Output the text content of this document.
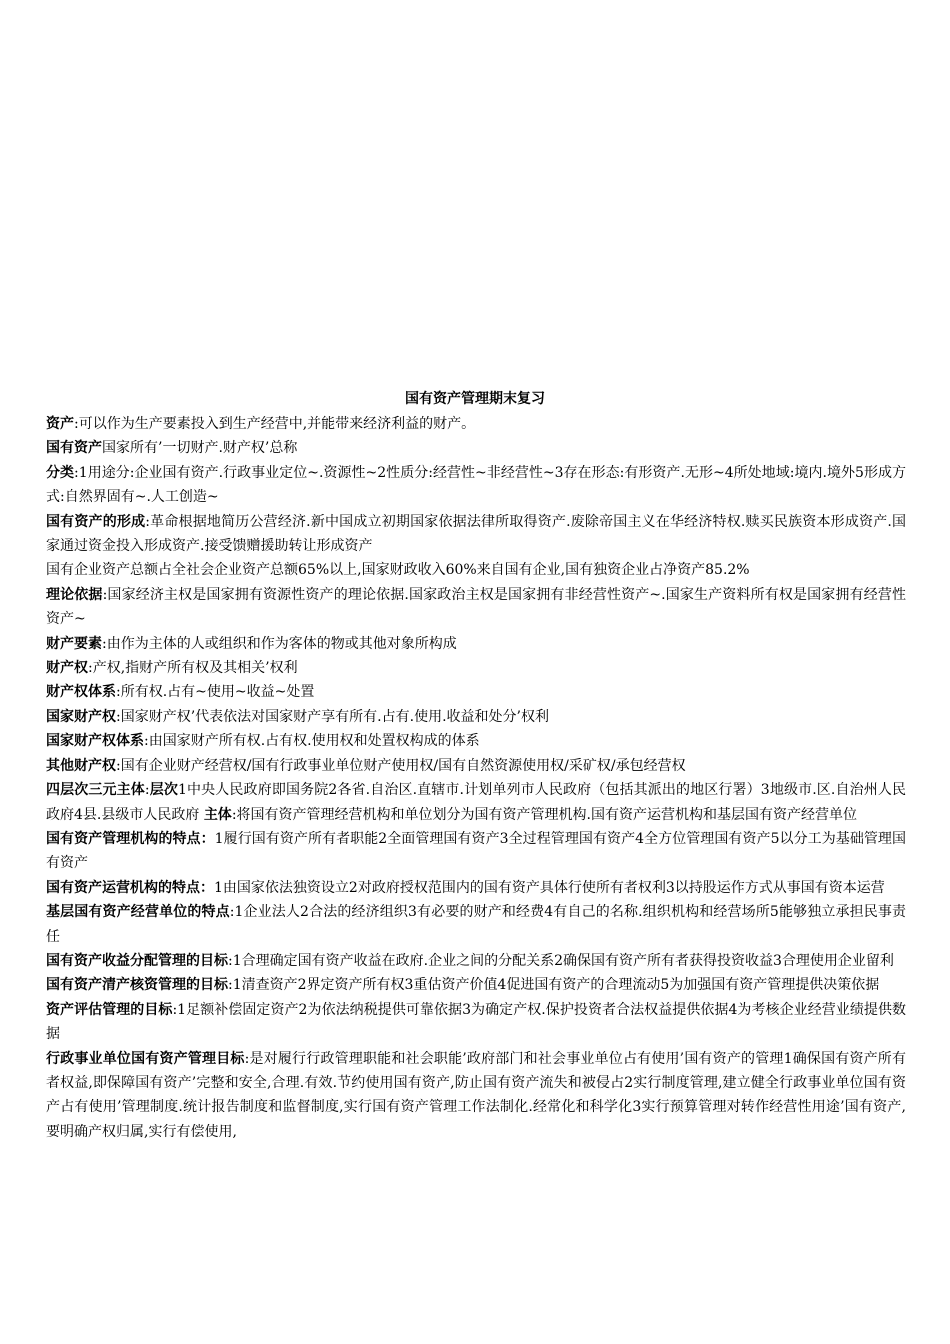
国有资产管理期末复习

资产:可以作为生产要素投入到生产经营中,并能带来经济利益的财产。

国有资产国家所有’一切财产.财产权’总称

分类:1用途分:企业国有资产.行政事业定位~.资源性~2性质分:经营性~非经营性~3存在形态:有形资产.无形~4所处地域:境内.境外5形成方式:自然界固有~.人工创造~

国有资产的形成:革命根据地简历公营经济.新中国成立初期国家依据法律所取得资产.废除帝国主义在华经济特权.赎买民族资本形成资产.国家通过资金投入形成资产.接受馈赠援助转让形成资产

国有企业资产总额占全社会企业资产总额65%以上,国家财政收入60%来自国有企业,国有独资企业占净资产85.2%

理论依据:国家经济主权是国家拥有资源性资产的理论依据.国家政治主权是国家拥有非经营性资产~.国家生产资料所有权是国家拥有经营性资产~

财产要素:由作为主体的人或组织和作为客体的物或其他对象所构成

财产权:产权,指财产所有权及其相关’权利

财产权体系:所有权.占有~使用~收益~处置

国家财产权:国家财产权’代表依法对国家财产享有所有.占有.使用.收益和处分’权利

国家财产权体系:由国家财产所有权.占有权.使用权和处置权构成的体系

其他财产权:国有企业财产经营权/国有行政事业单位财产使用权/国有自然资源使用权/采矿权/承包经营权

四层次三元主体:层次1中央人民政府即国务院2各省.自治区.直辖市.计划单列市人民政府（包括其派出的地区行署）3地级市.区.自治州人民政府4县.县级市人民政府 主体:将国有资产管理经营机构和单位划分为国有资产管理机构.国有资产运营机构和基层国有资产经营单位

国有资产管理机构的特点：1履行国有资产所有者职能2全面管理国有资产3全过程管理国有资产4全方位管理国有资产5以分工为基础管理国有资产

国有资产运营机构的特点：1由国家依法独资设立2对政府授权范围内的国有资产具体行使所有者权利3以持股运作方式从事国有资本运营

基层国有资产经营单位的特点:1企业法人2合法的经济组织3有必要的财产和经费4有自己的名称.组织机构和经营场所5能够独立承担民事责任

国有资产收益分配管理的目标:1合理确定国有资产收益在政府.企业之间的分配关系2确保国有资产所有者获得投资收益3合理使用企业留利

国有资产清产核资管理的目标:1清查资产2界定资产所有权3重估资产价值4促进国有资产的合理流动5为加强国有资产管理提供决策依据

资产评估管理的目标:1足额补偿固定资产2为依法纳税提供可靠依据3为确定产权.保护投资者合法权益提供依据4为考核企业经营业绩提供数据

行政事业单位国有资产管理目标:是对履行行政管理职能和社会职能’政府部门和社会事业单位占有使用’国有资产的管理1确保国有资产所有者权益,即保障国有资产’完整和安全,合理.有效.节约使用国有资产,防止国有资产流失和被侵占2实行制度管理,建立健全行政事业单位国有资产占有使用’管理制度.统计报告制度和监督制度,实行国有资产管理工作法制化.经常化和科学化3实行预算管理对转作经营性用途’国有资产,要明确产权归属,实行有偿使用,
